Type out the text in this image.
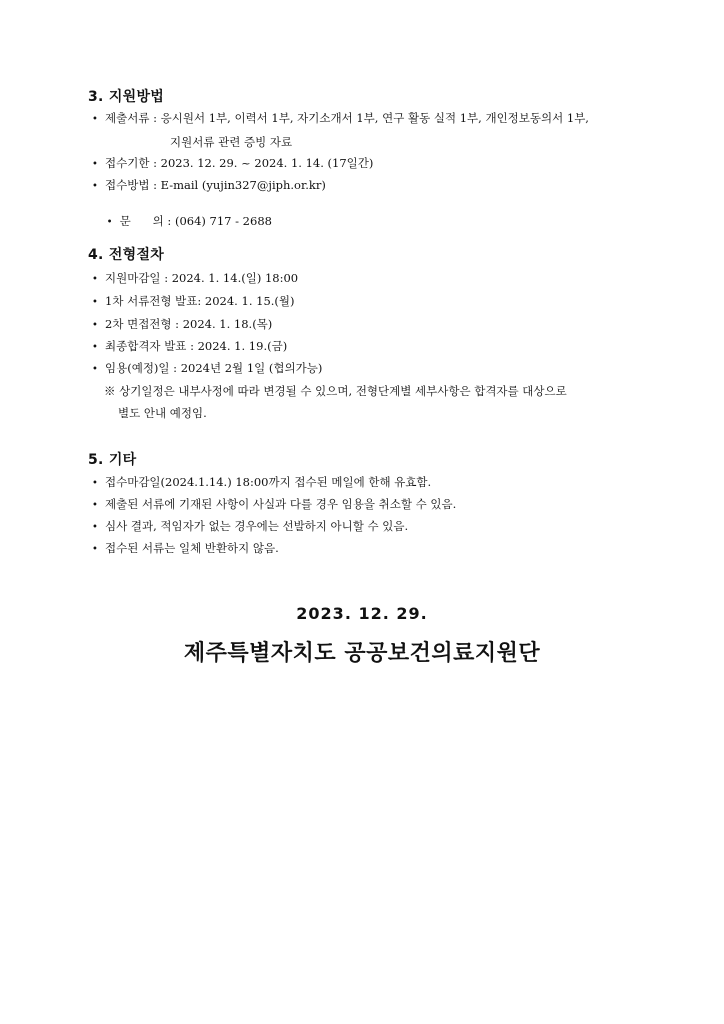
3. 지원방법
• 제출서류 : 응시원서 1부, 이력서 1부, 자기소개서 1부, 연구 활동 실적 1부, 개인정보동의서 1부,
지원서류 관련 증빙 자료
• 접수기한 : 2023. 12. 29. ~ 2024. 1. 14. (17일간)
• 접수방법 : E-mail (yujin327@jiph.or.kr)

• 문      의 : (064) 717 - 2688

4. 전형절차
• 지원마감일 : 2024. 1. 14.(일) 18:00
• 1차 서류전형 발표: 2024. 1. 15.(월)
• 2차 면접전형 : 2024. 1. 18.(목)
• 최종합격자 발표 : 2024. 1. 19.(금)
• 임용(예정)일 : 2024년 2월 1일 (협의가능)
※ 상기일정은 내부사정에 따라 변경될 수 있으며, 전형단계별 세부사항은 합격자를 대상으로
별도 안내 예정임.
5. 기타
• 접수마감일(2024.1.14.) 18:00까지 접수된 메일에 한해 유효함.
• 제출된 서류에 기재된 사항이 사실과 다를 경우 임용을 취소할 수 있음.
• 심사 결과, 적임자가 없는 경우에는 선발하지 아니할 수 있음.
• 접수된 서류는 일체 반환하지 않음.
2023. 12. 29.
제주특별자치도 공공보건의료지원단
